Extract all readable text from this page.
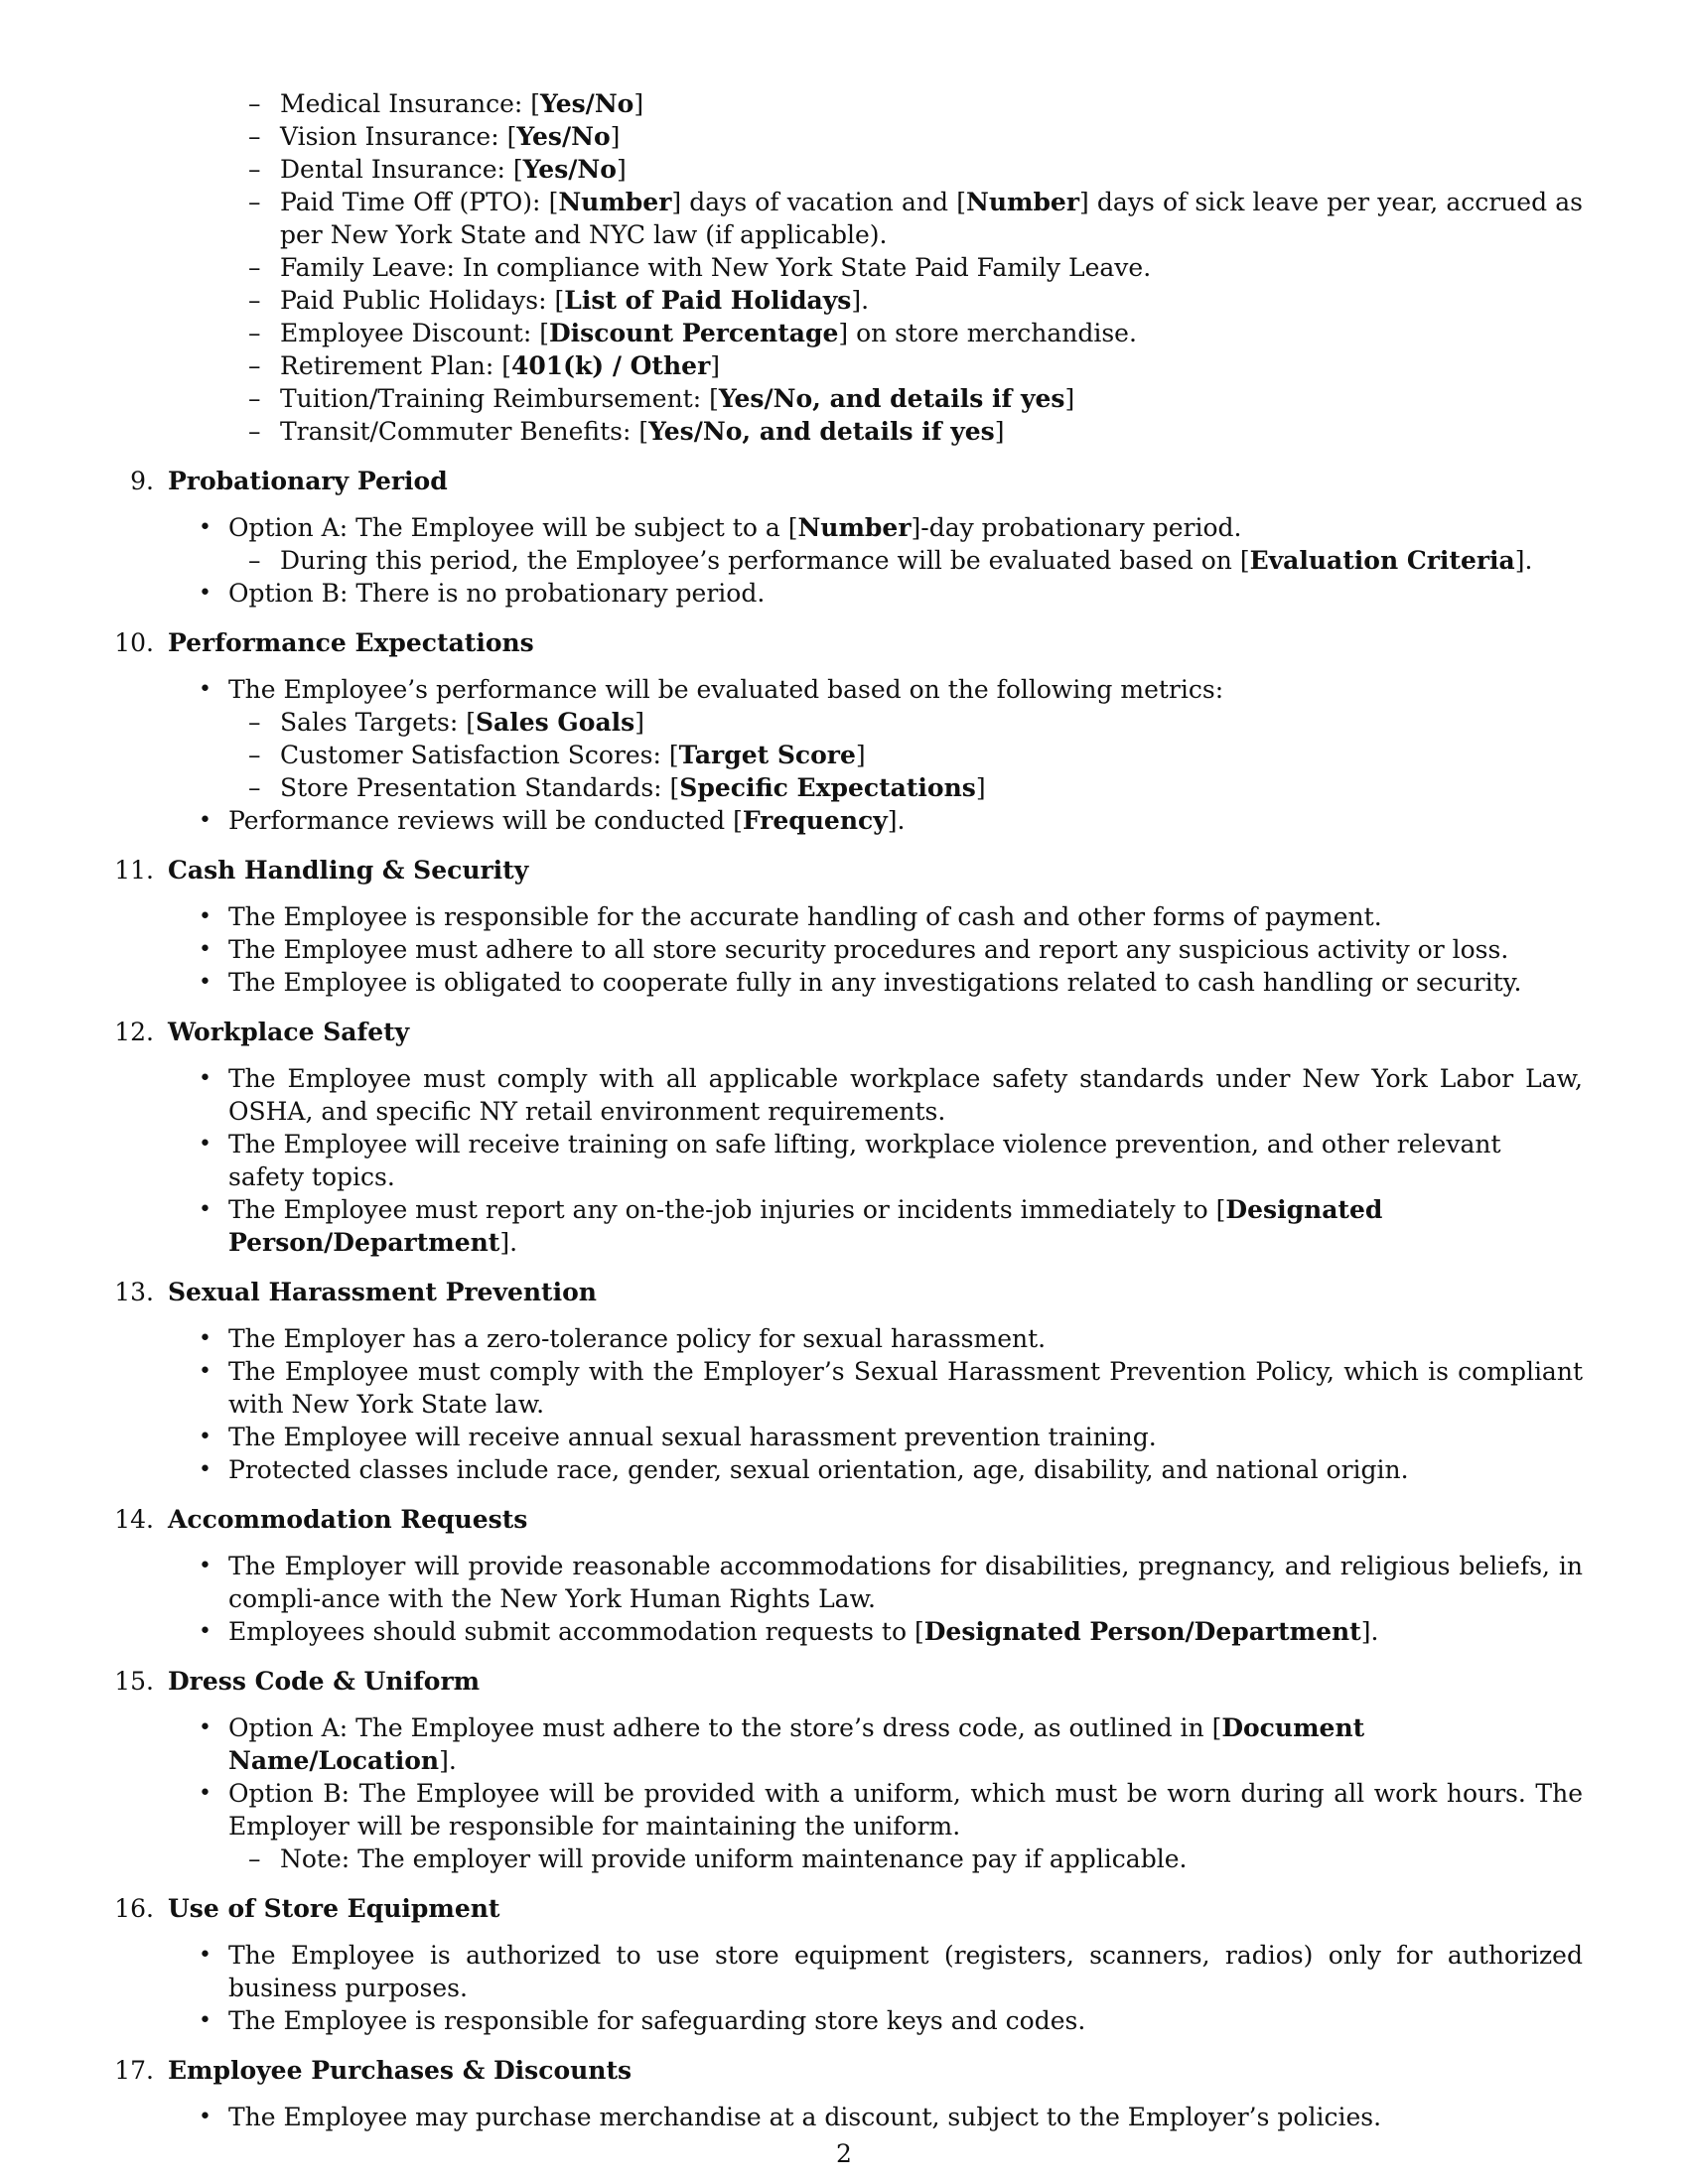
– Medical Insurance: [Yes/No]

– Vision Insurance: [Yes/No]

– Dental Insurance: [Yes/No]

– Paid Time Off (PTO): [Number] days of vacation and [Number] days of sick leave per year, accrued as per New York State and NYC law (if applicable).

– Family Leave: In compliance with New York State Paid Family Leave.

– Paid Public Holidays: [List of Paid Holidays].

– Employee Discount: [Discount Percentage] on store merchandise.

– Retirement Plan: [401(k) / Other]

– Tuition/Training Reimbursement: [Yes/No, and details if yes]

– Transit/Commuter Benefits: [Yes/No, and details if yes]

9. Probationary Period

• Option A: The Employee will be subject to a [Number]-day probationary period.

– During this period, the Employee’s performance will be evaluated based on [Evaluation Criteria].

• Option B: There is no probationary period.

10. Performance Expectations

• The Employee’s performance will be evaluated based on the following metrics:

– Sales Targets: [Sales Goals]

– Customer Satisfaction Scores: [Target Score]

– Store Presentation Standards: [Specific Expectations]

• Performance reviews will be conducted [Frequency].

11. Cash Handling & Security

• The Employee is responsible for the accurate handling of cash and other forms of payment.

• The Employee must adhere to all store security procedures and report any suspicious activity or loss.

• The Employee is obligated to cooperate fully in any investigations related to cash handling or security.

12. Workplace Safety

• The Employee must comply with all applicable workplace safety standards under New York Labor Law, OSHA, and specific NY retail environment requirements.

• The Employee will receive training on safe lifting, workplace violence prevention, and other relevant safety topics.

• The Employee must report any on-the-job injuries or incidents immediately to [Designated Person/Department].

13. Sexual Harassment Prevention

• The Employer has a zero-tolerance policy for sexual harassment.

• The Employee must comply with the Employer’s Sexual Harassment Prevention Policy, which is compliant with New York State law.

• The Employee will receive annual sexual harassment prevention training.

• Protected classes include race, gender, sexual orientation, age, disability, and national origin.

14. Accommodation Requests

• The Employer will provide reasonable accommodations for disabilities, pregnancy, and religious beliefs, in compli-ance with the New York Human Rights Law.

• Employees should submit accommodation requests to [Designated Person/Department].

15. Dress Code & Uniform

• Option A: The Employee must adhere to the store’s dress code, as outlined in [Document Name/Location].

• Option B: The Employee will be provided with a uniform, which must be worn during all work hours. The Employer will be responsible for maintaining the uniform.

– Note: The employer will provide uniform maintenance pay if applicable.

16. Use of Store Equipment

• The Employee is authorized to use store equipment (registers, scanners, radios) only for authorized business purposes.

• The Employee is responsible for safeguarding store keys and codes.

17. Employee Purchases & Discounts

• The Employee may purchase merchandise at a discount, subject to the Employer’s policies.

2
